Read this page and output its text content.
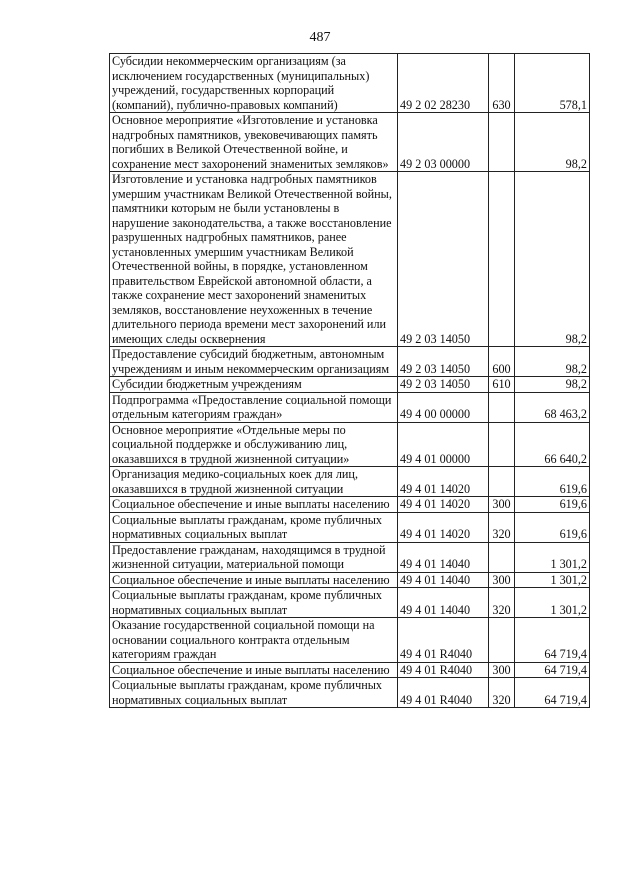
487
Субсидии некоммерческим организациям (за исключением государственных (муниципальных) учреждений, государственных корпораций (компаний), публично-правовых компаний)	49 2 02 28230	630	578,1
Основное мероприятие «Изготовление и установка надгробных памятников, увековечивающих память погибших в Великой Отечественной войне, и сохранение мест захоронений знаменитых земляков»	49 2 03 00000		98,2
Изготовление и установка надгробных памятников умершим участникам Великой Отечественной войны, памятники которым не были установлены в нарушение законодательства, а также восстановление разрушенных надгробных памятников, ранее установленных умершим участникам Великой Отечественной войны, в порядке, установленном правительством Еврейской автономной области, а также сохранение мест захоронений знаменитых земляков, восстановление неухоженных в течение длительного периода времени мест захоронений или имеющих следы осквернения	49 2 03 14050		98,2
Предоставление субсидий бюджетным, автономным учреждениям и иным некоммерческим организациям	49 2 03 14050	600	98,2
Субсидии бюджетным учреждениям	49 2 03 14050	610	98,2
Подпрограмма «Предоставление социальной помощи отдельным категориям граждан»	49 4 00 00000		68 463,2
Основное мероприятие «Отдельные меры по социальной поддержке и обслуживанию лиц, оказавшихся в трудной жизненной ситуации»	49 4 01 00000		66 640,2
Организация медико-социальных коек для лиц, оказавшихся в трудной жизненной ситуации	49 4 01 14020		619,6
Социальное обеспечение и иные выплаты населению	49 4 01 14020	300	619,6
Социальные выплаты гражданам, кроме публичных нормативных социальных выплат	49 4 01 14020	320	619,6
Предоставление гражданам, находящимся в трудной жизненной ситуации, материальной помощи	49 4 01 14040		1 301,2
Социальное обеспечение и иные выплаты населению	49 4 01 14040	300	1 301,2
Социальные выплаты гражданам, кроме публичных нормативных социальных выплат	49 4 01 14040	320	1 301,2
Оказание государственной социальной помощи на основании социального контракта отдельным категориям граждан	49 4 01 R4040		64 719,4
Социальное обеспечение и иные выплаты населению	49 4 01 R4040	300	64 719,4
Социальные выплаты гражданам, кроме публичных нормативных социальных выплат	49 4 01 R4040	320	64 719,4
